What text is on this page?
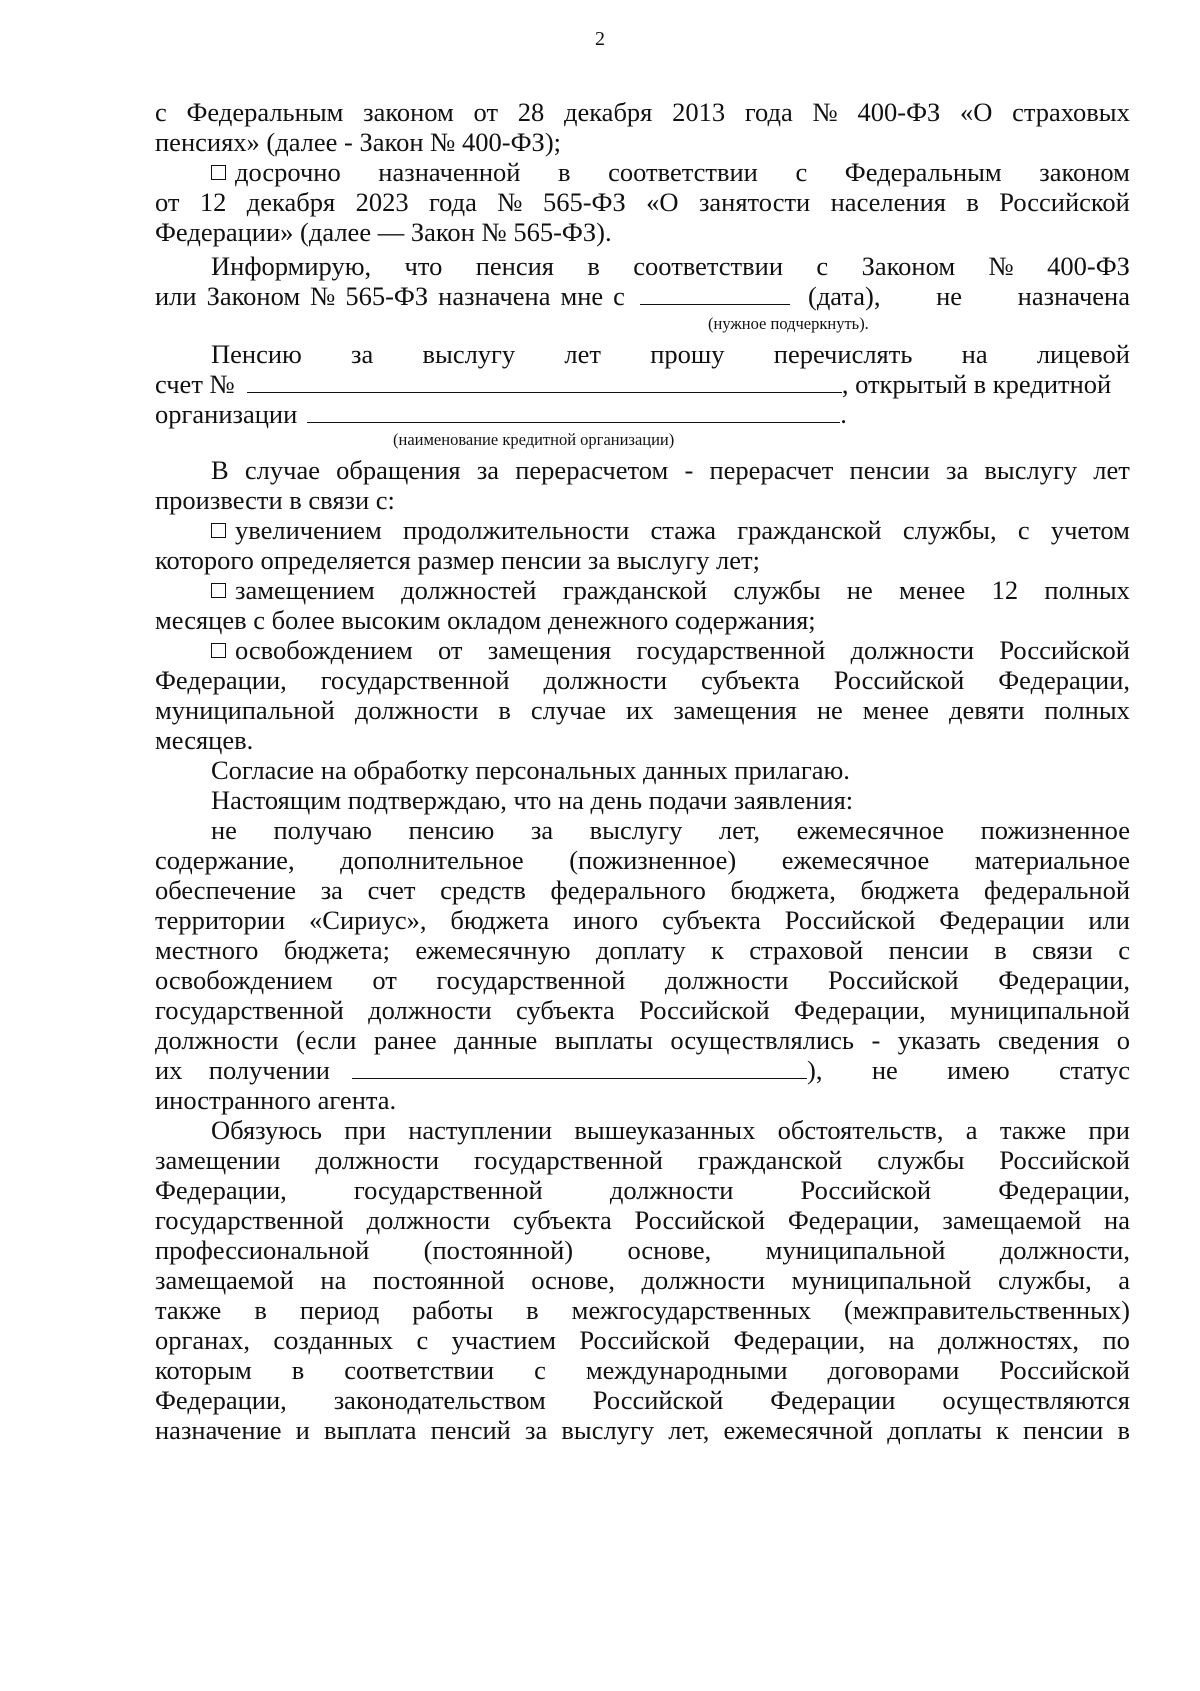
2
с Федеральным законом от 28 декабря 2013 года № 400-ФЗ «О страховых
пенсиях» (далее - Закон № 400-ФЗ);
досрочно назначенной в соответствии с Федеральным законом
от 12 декабря 2023 года № 565-ФЗ «О занятости населения в Российской
Федерации» (далее — Закон № 565-ФЗ).
Информирую, что пенсия в соответствии с Законом № 400-ФЗ
или Законом № 565-ФЗ назначена мне с	(дата), не назначена
(нужное подчеркнуть).
Пенсию за выслугу лет прошу перечислять на лицевой
счет №	, открытый в кредитной
организации	.
(наименование кредитной организации)
В случае обращения за перерасчетом - перерасчет пенсии за выслугу лет
произвести в связи с:
увеличением продолжительности стажа гражданской службы, с учетом
которого определяется размер пенсии за выслугу лет;
замещением должностей гражданской службы не менее 12 полных
месяцев с более высоким окладом денежного содержания;
освобождением от замещения государственной должности Российской
Федерации, государственной должности субъекта Российской Федерации,
муниципальной должности в случае их замещения не менее девяти полных
месяцев.
Согласие на обработку персональных данных прилагаю.
Настоящим подтверждаю, что на день подачи заявления:
не получаю пенсию за выслугу лет, ежемесячное пожизненное
содержание, дополнительное (пожизненное) ежемесячное материальное
обеспечение за счет средств федерального бюджета, бюджета федеральной
территории «Сириус», бюджета иного субъекта Российской Федерации или
местного бюджета; ежемесячную доплату к страховой пенсии в связи с
освобождением от государственной должности Российской Федерации,
государственной должности субъекта Российской Федерации, муниципальной
должности (если ранее данные выплаты осуществлялись - указать сведения о
их получении	), не имею статус
иностранного агента.
Обязуюсь при наступлении вышеуказанных обстоятельств, а также при
замещении должности государственной гражданской службы Российской
Федерации,	государственной	должности	Российской	Федерации,
государственной должности субъекта Российской Федерации, замещаемой на
профессиональной (постоянной) основе, муниципальной должности,
замещаемой на постоянной основе, должности муниципальной службы, а
также в период работы в межгосударственных (межправительственных)
органах, созданных с участием Российской Федерации, на должностях, по
которым в соответствии с международными договорами Российской
Федерации, законодательством Российской Федерации осуществляются
назначение и выплата пенсий за выслугу лет, ежемесячной доплаты к пенсии в
